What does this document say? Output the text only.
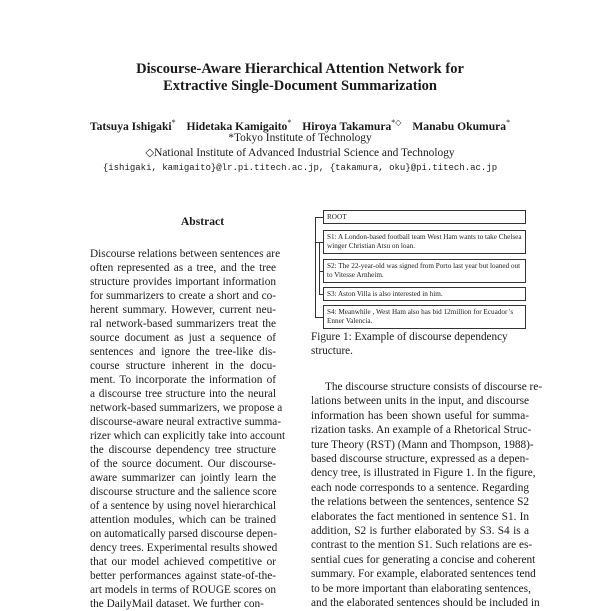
Discourse-Aware Hierarchical Attention Network for
Extractive Single-Document Summarization
Tatsuya Ishigaki* Hidetaka Kamigaito* Hiroya Takamura*◇ Manabu Okumura*
*Tokyo Institute of Technology
◇National Institute of Advanced Industrial Science and Technology
{ishigaki, kamigaito}@lr.pi.titech.ac.jp, {takamura, oku}@pi.titech.ac.jp
Abstract
Discourse relations between sentences are
often represented as a tree, and the tree
structure provides important information
for summarizers to create a short and co-
herent summary. However, current neu-
ral network-based summarizers treat the
source document as just a sequence of
sentences and ignore the tree-like dis-
course structure inherent in the docu-
ment. To incorporate the information of
a discourse tree structure into the neural
network-based summarizers, we propose a
discourse-aware neural extractive summa-
rizer which can explicitly take into account
the discourse dependency tree structure
of the source document. Our discourse-
aware summarizer can jointly learn the
discourse structure and the salience score
of a sentence by using novel hierarchical
attention modules, which can be trained
on automatically parsed discourse depen-
dency trees. Experimental results showed
that our model achieved competitive or
better performances against state-of-the-
art models in terms of ROUGE scores on
the DailyMail dataset. We further con-
ROOT
S1: A London-based football team West Ham wants to take Chelsea winger Christian Atsu on loan.
S2: The 22-year-old was signed from Porto last year but loaned out to Vitesse Arnheim.
S3: Aston Villa is also interested in him.
S4: Meanwhile , West Ham also has bid 12million for Ecuador 's Enner Valencia.
Figure 1: Example of discourse dependency structure.
The discourse structure consists of discourse re-
lations between units in the input, and discourse
information has been shown useful for summa-
rization tasks. An example of a Rhetorical Struc-
ture Theory (RST) (Mann and Thompson, 1988)-
based discourse structure, expressed as a depen-
dency tree, is illustrated in Figure 1. In the figure,
each node corresponds to a sentence. Regarding
the relations between the sentences, sentence S2
elaborates the fact mentioned in sentence S1. In
addition, S2 is further elaborated by S3. S4 is a
contrast to the mention S1. Such relations are es-
sential cues for generating a concise and coherent
summary. For example, elaborated sentences tend
to be more important than elaborating sentences,
and the elaborated sentences should be included in
